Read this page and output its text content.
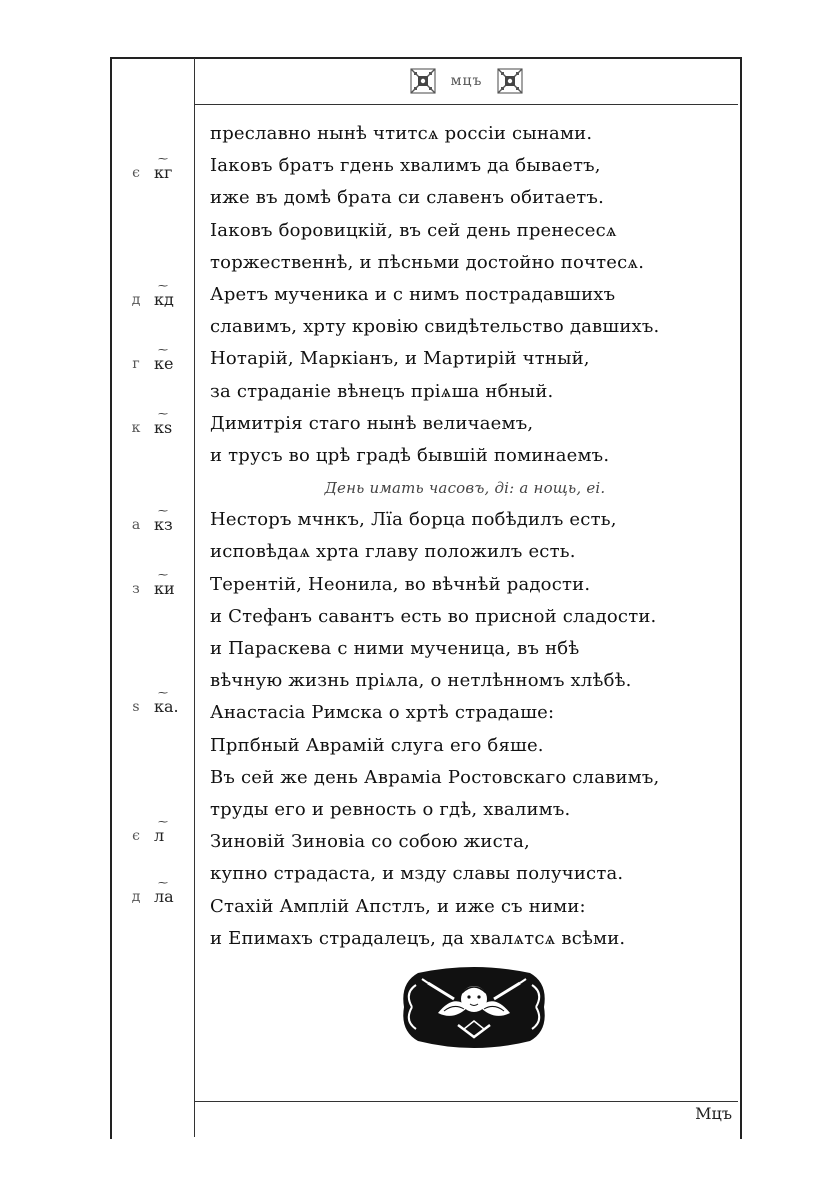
мцъ
є
⁓
кг
д
⁓
кд
г
⁓
ке
к
⁓
кѕ
а
⁓
кз
з
⁓
ки
ѕ
⁓
ка.
є
⁓
л
д
⁓
ла
преславно нынѣ чтитсѧ россіи сынами.
Іаковъ братъ гдень хвалимъ да бываетъ,
иже въ домѣ брата си славенъ обитаетъ.
Іаковъ боровицкій, въ сей день пренесесѧ
торжественнѣ, и пѣсньми достойно почтесѧ.
Аретъ мученика и с нимъ пострадавшихъ
славимъ, хрту кровію свидѣтельство давшихъ.
Нотарій, Маркіанъ, и Мартирій чтный,
за страданіе вѣнецъ пріѧша нбный.
Димитрія стаго нынѣ величаемъ,
и трусъ во црѣ градѣ бывшій поминаемъ.
День имать часовъ, ді: а нощь, еі.
Несторъ мчнкъ, Лїа борца побѣдилъ есть,
исповѣдаѧ хрта главу положилъ есть.
Терентій, Неонила, во вѣчнѣй радости.
и Стефанъ савантъ есть во присной сладости.
и Параскева с ними мученица, въ нбѣ
вѣчную жизнь пріѧла, о нетлѣнномъ хлѣбѣ.
Анастасіа Римска о хртѣ страдаше:
Прпбный Аврамій слуга его бяше.
Въ сей же день Авраміа Ростовскаго славимъ,
труды его и ревность о гдѣ, хвалимъ.
Зиновій Зиновіа со собою жиста,
купно страдаста, и мзду славы получиста.
Стахій Амплій Апстлъ, и иже съ ними:
и Епимахъ страдалецъ, да хвалѧтсѧ всѣми.
Мцъ
